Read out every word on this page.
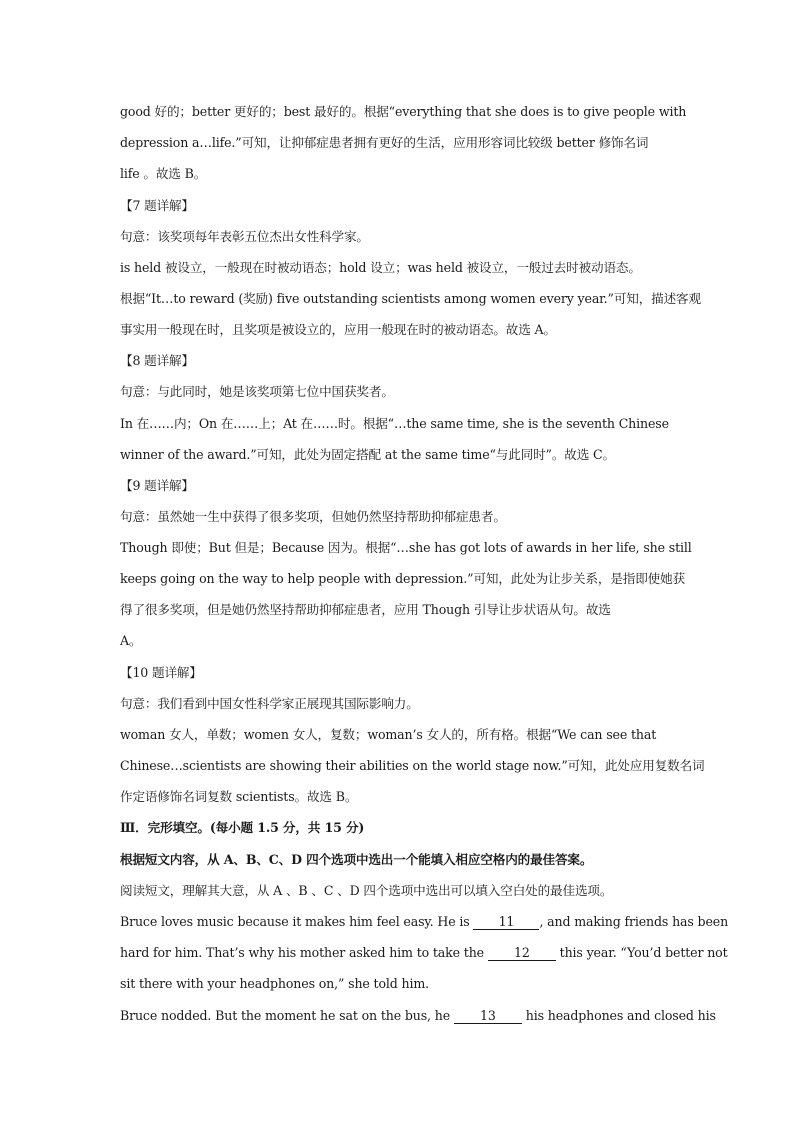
good 好的；better 更好的；best 最好的。根据“everything that she does is to give people with
depression a…life.”可知，让抑郁症患者拥有更好的生活，应用形容词比较级 better 修饰名词
life 。故选 B。
【7 题详解】
句意：该奖项每年表彰五位杰出女性科学家。
is held 被设立，一般现在时被动语态；hold 设立；was held 被设立，一般过去时被动语态。
根据“It…to reward (奖励) five outstanding scientists among women every year.”可知，描述客观
事实用一般现在时，且奖项是被设立的，应用一般现在时的被动语态。故选 A。
【8 题详解】
句意：与此同时，她是该奖项第七位中国获奖者。
In 在……内；On 在……上；At 在……时。根据“…the same time, she is the seventh Chinese
winner of the award.”可知，此处为固定搭配 at the same time“与此同时”。故选 C。
【9 题详解】
句意：虽然她一生中获得了很多奖项，但她仍然坚持帮助抑郁症患者。
Though 即使；But 但是；Because 因为。根据“…she has got lots of awards in her life, she still
keeps going on the way to help people with depression.”可知，此处为让步关系，是指即使她获
得了很多奖项，但是她仍然坚持帮助抑郁症患者，应用 Though 引导让步状语从句。故选
A。
【10 题详解】
句意：我们看到中国女性科学家正展现其国际影响力。
woman 女人，单数；women 女人，复数；woman’s 女人的，所有格。根据“We can see that
Chinese…scientists are showing their abilities on the world stage now.”可知，此处应用复数名词
作定语修饰名词复数 scientists。故选 B。
Ⅲ．完形填空。(每小题 1.5 分，共 15 分)
根据短文内容，从 A、B、C、D 四个选项中选出一个能填入相应空格内的最佳答案。
阅读短文，理解其大意，从 A 、B 、C 、D 四个选项中选出可以填入空白处的最佳选项。
Bruce loves music because it makes him feel easy. He is 11 , and making friends has been
hard for him. That’s why his mother asked him to take the 12 this year. “You’d better not
sit there with your headphones on,” she told him.
Bruce nodded. But the moment he sat on the bus, he 13 his headphones and closed his
